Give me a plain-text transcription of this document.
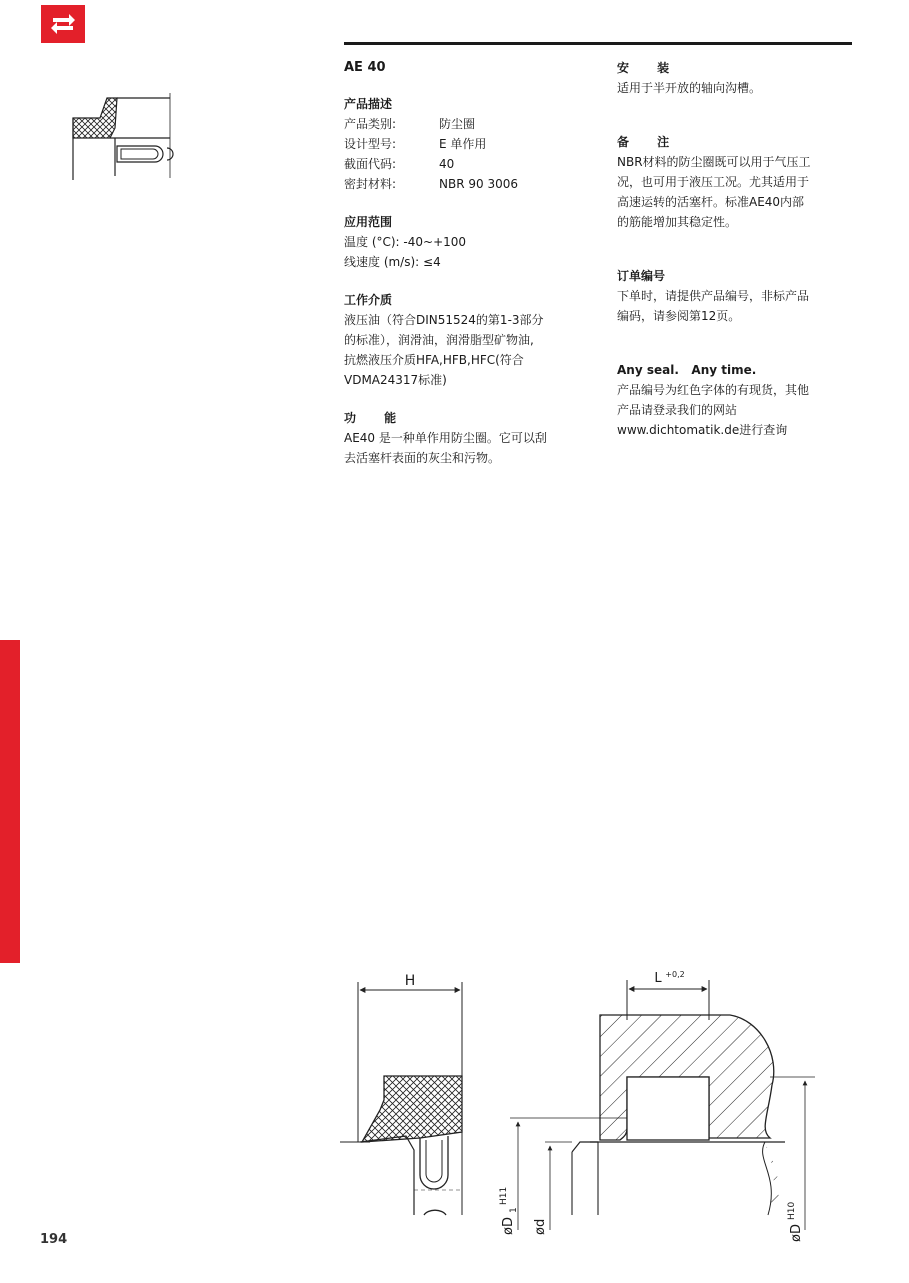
194

AE 40

产品描述

产品类别:	防尘圈
设计型号:	E 单作用
截面代码:	40
密封材料:	NBR 90 3006

应用范围

温度 (°C): -40~+100

线速度 (m/s): ≤4

工作介质

液压油（符合DIN51524的第1-3部分

的标准），润滑油，润滑脂型矿物油,

抗燃液压介质HFA,HFB,HFC(符合

VDMA24317标准)

功 能

AE40 是一种单作用防尘圈。它可以刮

去活塞杆表面的灰尘和污物。

安 装

适用于半开放的轴向沟槽。

备 注

NBR材料的防尘圈既可以用于气压工

况，也可用于液压工况。尤其适用于

高速运转的活塞杆。标准AE40内部

的筋能增加其稳定性。

订单编号

下单时，请提供产品编号，非标产品

编码，请参阅第12页。

Any seal.   Any time.

产品编号为红色字体的有现货，其他

产品请登录我们的网站

www.dichtomatik.de进行查询

H	L +0,2
øD
1
H11
ød	øD
H10
